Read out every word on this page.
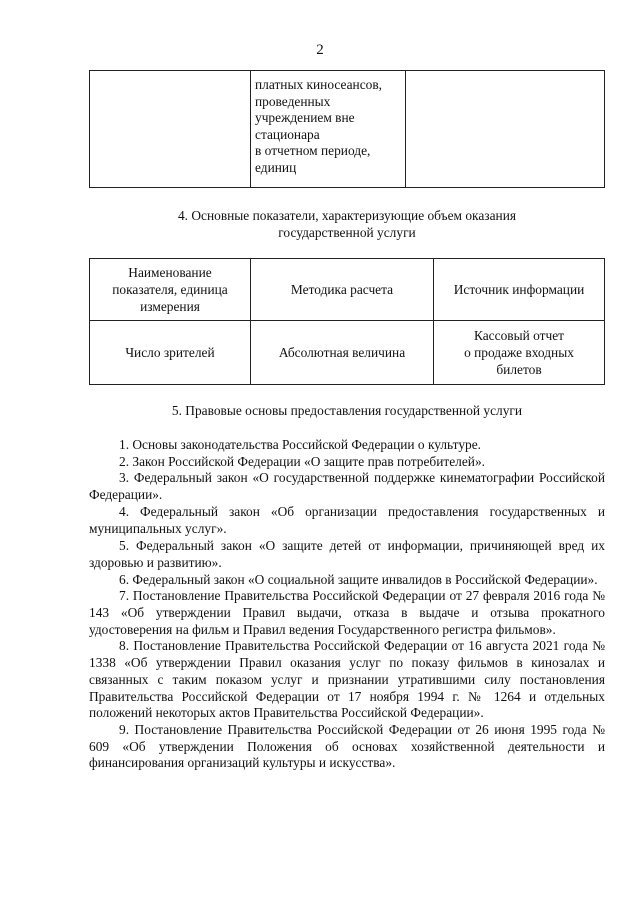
2

платных киносеансов,
проведенных
учреждением вне
стационара
в отчетном периоде,
единиц

4. Основные показатели, характеризующие объем оказания
государственной услуги
Наименование
показателя, единица
измерения	Методика расчета	Источник информации
Число зрителей	Абсолютная величина	Кассовый отчет
о продаже входных
билетов
5. Правовые основы предоставления государственной услуги
1. Основы законодательства Российской Федерации о культуре.
2. Закон Российской Федерации «О защите прав потребителей».
3. Федеральный закон «О государственной поддержке кинематографии Российской Федерации».
4. Федеральный закон «Об организации предоставления государственных и муниципальных услуг».
5. Федеральный закон «О защите детей от информации, причиняющей вред их здоровью и развитию».
6. Федеральный закон «О социальной защите инвалидов в Российской Федерации».
7. Постановление Правительства Российской Федерации от 27 февраля 2016 года № 143 «Об утверждении Правил выдачи, отказа в выдаче и отзыва прокатного удостоверения на фильм и Правил ведения Государственного регистра фильмов».
8. Постановление Правительства Российской Федерации от 16 августа 2021 года № 1338 «Об утверждении Правил оказания услуг по показу фильмов в кинозалах и связанных с таким показом услуг и признании утратившими силу постановления Правительства Российской Федерации от 17 ноября 1994 г. № 1264 и отдельных положений некоторых актов Правительства Российской Федерации».
9. Постановление Правительства Российской Федерации от 26 июня 1995 года № 609 «Об утверждении Положения об основах хозяйственной деятельности и финансирования организаций культуры и искусства».
